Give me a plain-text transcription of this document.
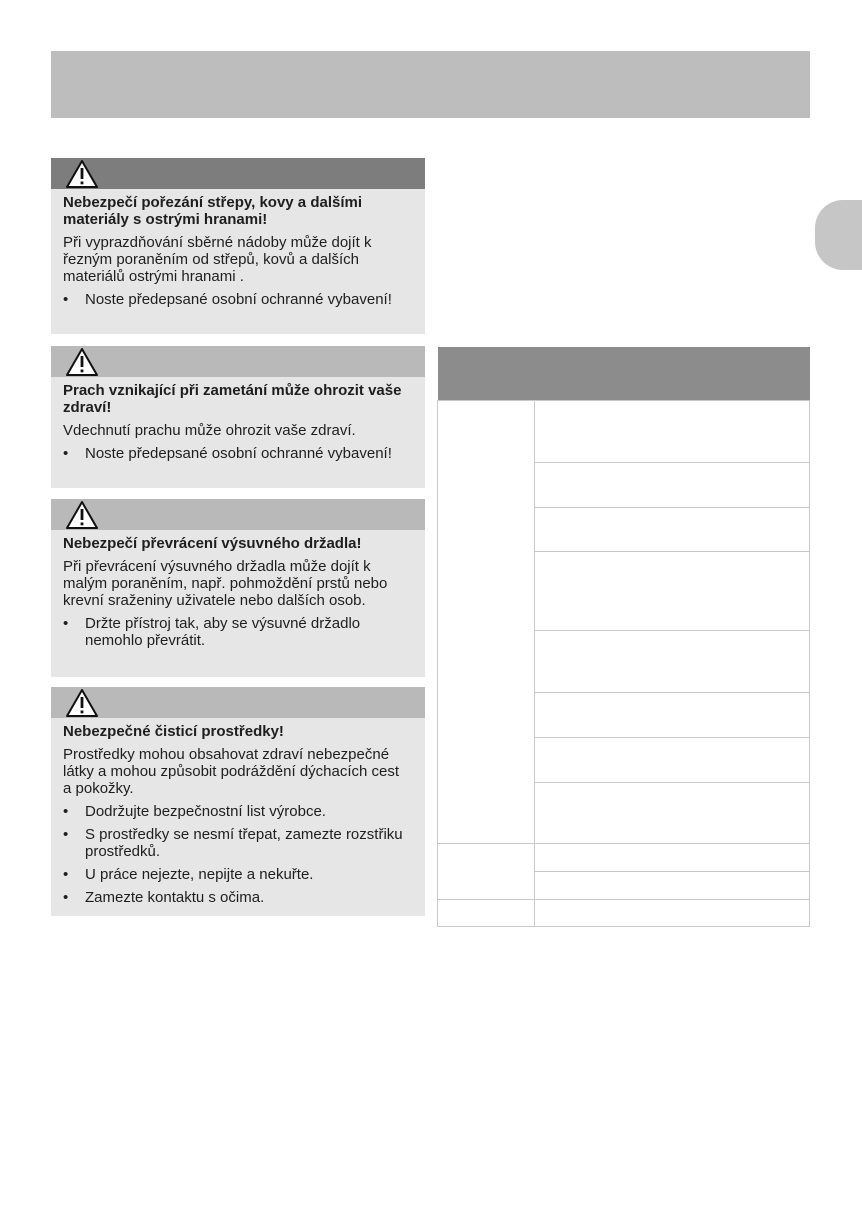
Nebezpečí pořezání střepy, kovy a dalšími materiály s ostrými hranami!

Při vyprazdňování sběrné nádoby může dojít k řezným poraněním od střepů, kovů a dalších materiálů ostrými hranami .

• Noste předepsané osobní ochranné vybavení!

Prach vznikající při zametání může ohrozit vaše zdraví!

Vdechnutí prachu může ohrozit vaše zdraví.

• Noste předepsané osobní ochranné vybavení!

Nebezpečí převrácení výsuvného držadla!

Při převrácení výsuvného držadla může dojít k malým poraněním, např. pohmoždění prstů nebo krevní sraženiny uživatele nebo dalších osob.

• Držte přístroj tak, aby se výsuvné držadlo nemohlo převrátit.

Nebezpečné čisticí prostředky!

Prostředky mohou obsahovat zdraví nebezpečné látky a mohou způsobit podráždění dýchacích cest a pokožky.

• Dodržujte bezpečnostní list výrobce.
• S prostředky se nesmí třepat, zamezte rozstřiku prostředků.
• U práce nejezte, nepijte a nekuřte.
• Zamezte kontaktu s očima.
